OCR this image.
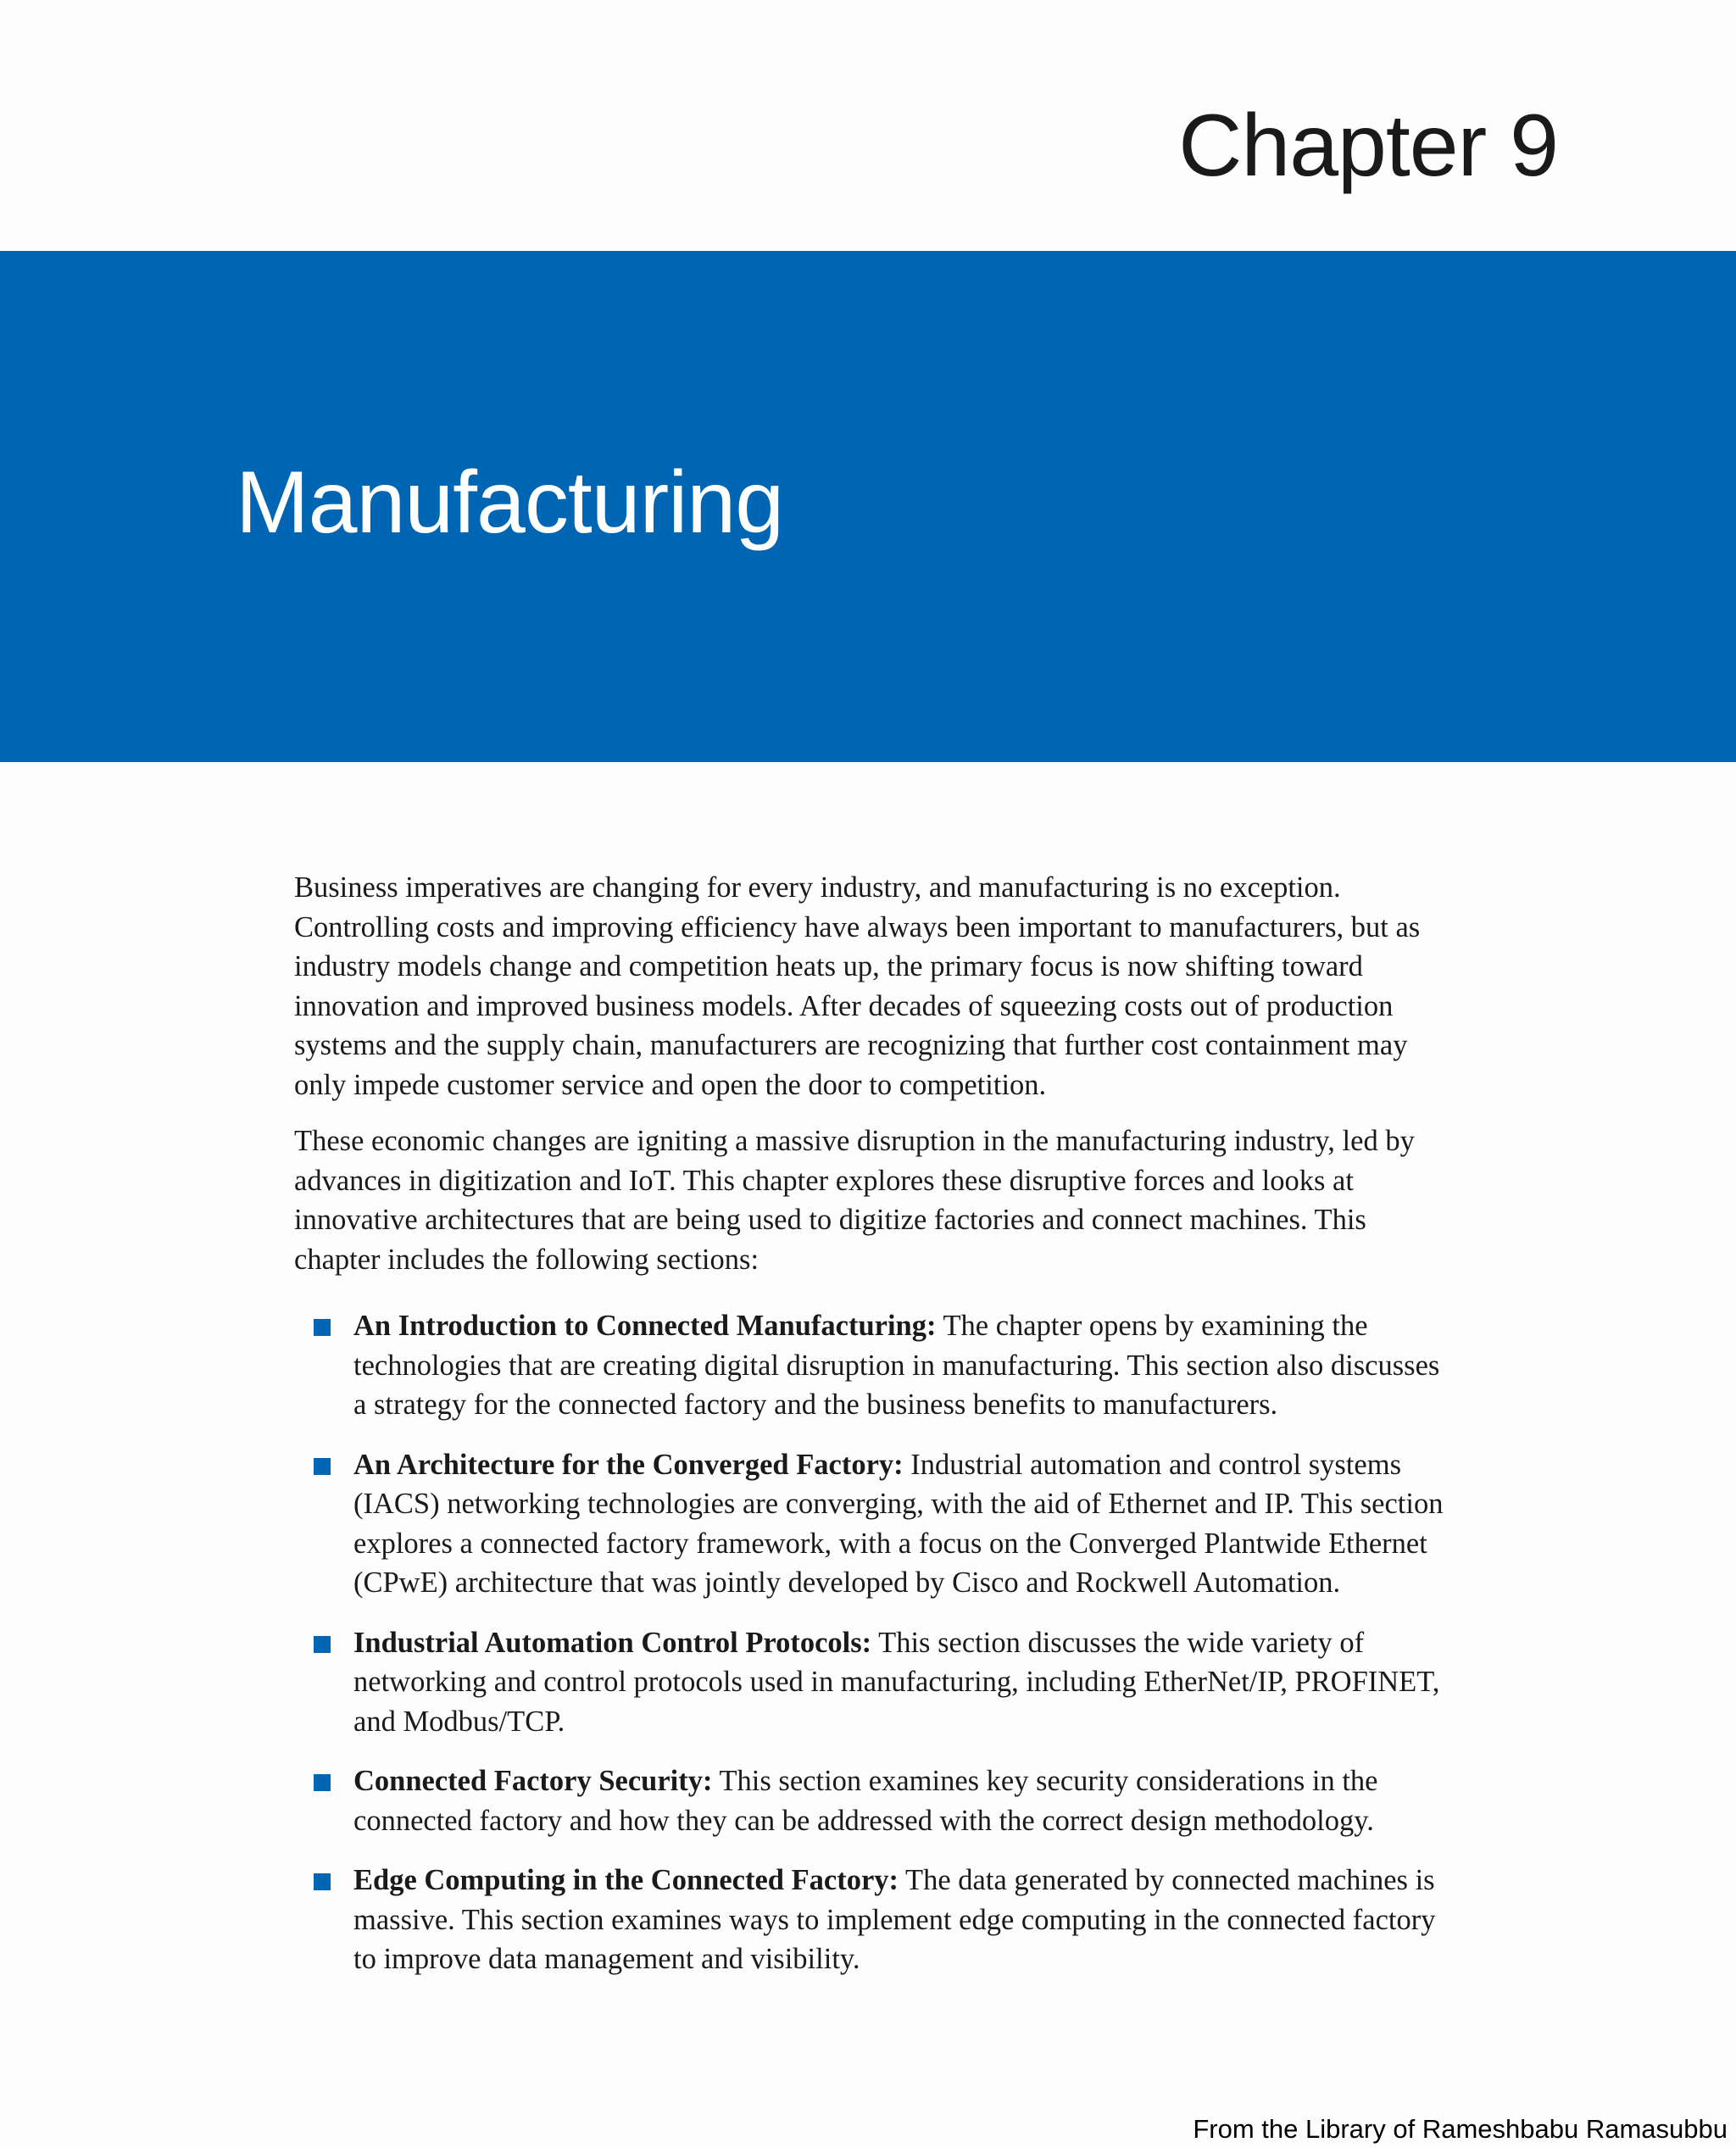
Chapter 9
Manufacturing

Business imperatives are changing for every industry, and manufacturing is no exception. Controlling costs and improving efficiency have always been important to manufacturers, but as industry models change and competition heats up, the primary focus is now shifting toward innovation and improved business models. After decades of squeezing costs out of production systems and the supply chain, manufacturers are recognizing that further cost containment may only impede customer service and open the door to competition.

These economic changes are igniting a massive disruption in the manufacturing industry, led by advances in digitization and IoT. This chapter explores these disruptive forces and looks at innovative architectures that are being used to digitize factories and connect machines. This chapter includes the following sections:

An Introduction to Connected Manufacturing: The chapter opens by examining the technologies that are creating digital disruption in manufacturing. This section also discusses a strategy for the connected factory and the business benefits to manufacturers.
An Architecture for the Converged Factory: Industrial automation and control systems (IACS) networking technologies are converging, with the aid of Ethernet and IP. This section explores a connected factory framework, with a focus on the Converged Plantwide Ethernet (CPwE) architecture that was jointly developed by Cisco and Rockwell Automation.
Industrial Automation Control Protocols: This section discusses the wide variety of networking and control protocols used in manufacturing, including EtherNet/IP, PROFINET, and Modbus/TCP.
Connected Factory Security: This section examines key security considerations in the connected factory and how they can be addressed with the correct design methodology.
Edge Computing in the Connected Factory: The data generated by connected machines is massive. This section examines ways to implement edge computing in the connected factory to improve data management and visibility.

From the Library of Rameshbabu Ramasubbu
